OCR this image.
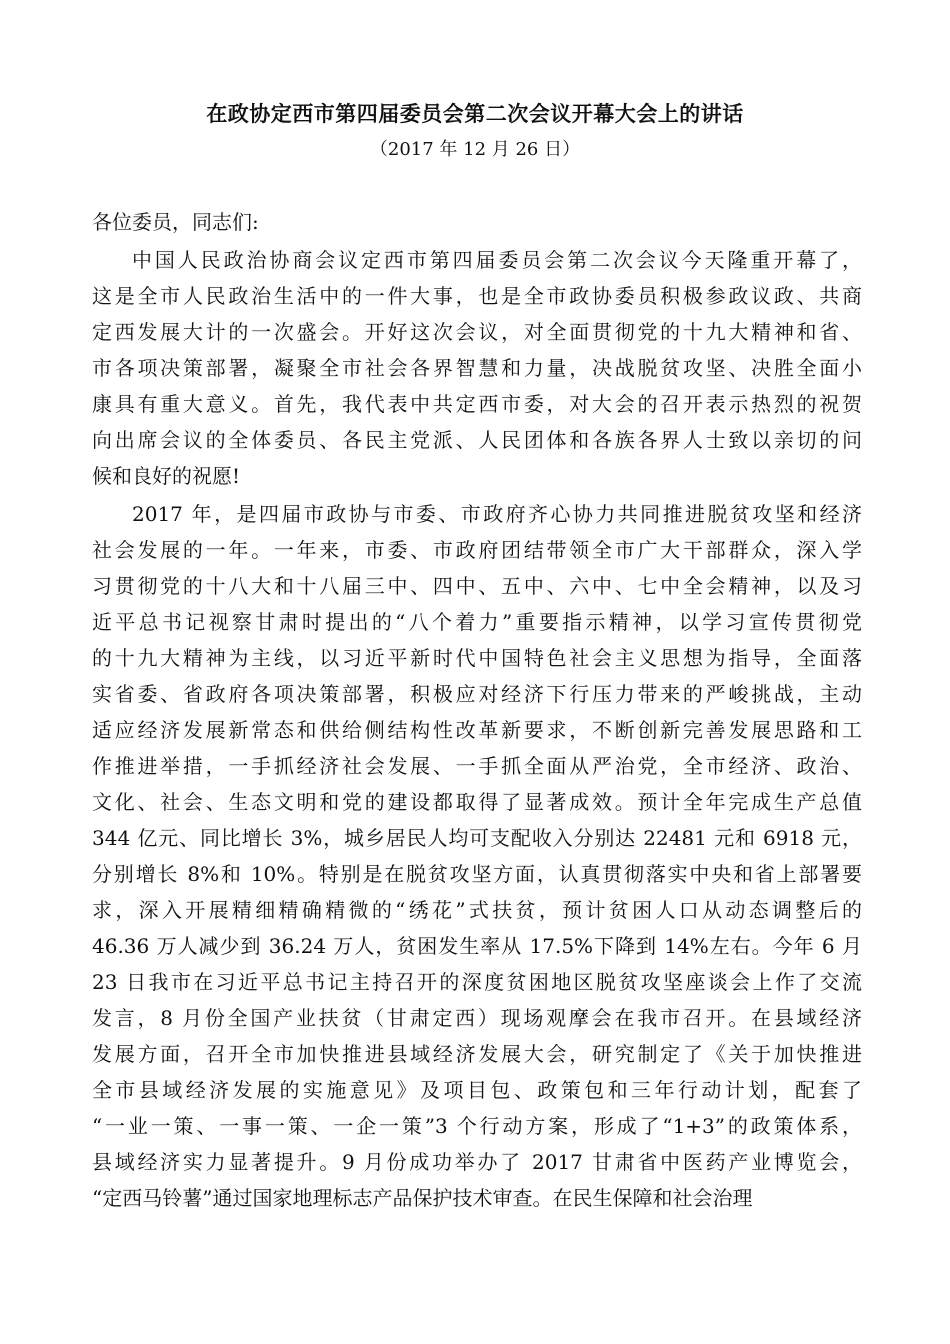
在政协定西市第四届委员会第二次会议开幕大会上的讲话
（2017 年 12 月 26 日）
各位委员，同志们:
中国人民政治协商会议定西市第四届委员会第二次会议今天隆重开幕了，
这是全市人民政治生活中的一件大事，也是全市政协委员积极参政议政、共商
定西发展大计的一次盛会。开好这次会议，对全面贯彻党的十九大精神和省、
市各项决策部署，凝聚全市社会各界智慧和力量，决战脱贫攻坚、决胜全面小
康具有重大意义。首先，我代表中共定西市委，对大会的召开表示热烈的祝贺
向出席会议的全体委员、各民主党派、人民团体和各族各界人士致以亲切的问
候和良好的祝愿!
2017 年，是四届市政协与市委、市政府齐心协力共同推进脱贫攻坚和经济
社会发展的一年。一年来，市委、市政府团结带领全市广大干部群众，深入学
习贯彻党的十八大和十八届三中、四中、五中、六中、七中全会精神，以及习
近平总书记视察甘肃时提出的“八个着力”重要指示精神，以学习宣传贯彻党
的十九大精神为主线，以习近平新时代中国特色社会主义思想为指导，全面落
实省委、省政府各项决策部署，积极应对经济下行压力带来的严峻挑战，主动
适应经济发展新常态和供给侧结构性改革新要求，不断创新完善发展思路和工
作推进举措，一手抓经济社会发展、一手抓全面从严治党，全市经济、政治、
文化、社会、生态文明和党的建设都取得了显著成效。预计全年完成生产总值
344 亿元、同比增长 3%，城乡居民人均可支配收入分别达 22481 元和 6918 元，
分别增长 8%和 10%。特别是在脱贫攻坚方面，认真贯彻落实中央和省上部署要
求，深入开展精细精确精微的“绣花”式扶贫，预计贫困人口从动态调整后的
46.36 万人减少到 36.24 万人，贫困发生率从 17.5%下降到 14%左右。今年 6 月
23 日我市在习近平总书记主持召开的深度贫困地区脱贫攻坚座谈会上作了交流
发言，8 月份全国产业扶贫（甘肃定西）现场观摩会在我市召开。在县域经济
发展方面，召开全市加快推进县域经济发展大会，研究制定了《关于加快推进
全市县域经济发展的实施意见》及项目包、政策包和三年行动计划，配套了
“一业一策、一事一策、一企一策”3 个行动方案，形成了“1+3”的政策体系，
县域经济实力显著提升。9 月份成功举办了 2017 甘肃省中医药产业博览会，
“定西马铃薯”通过国家地理标志产品保护技术审查。在民生保障和社会治理
